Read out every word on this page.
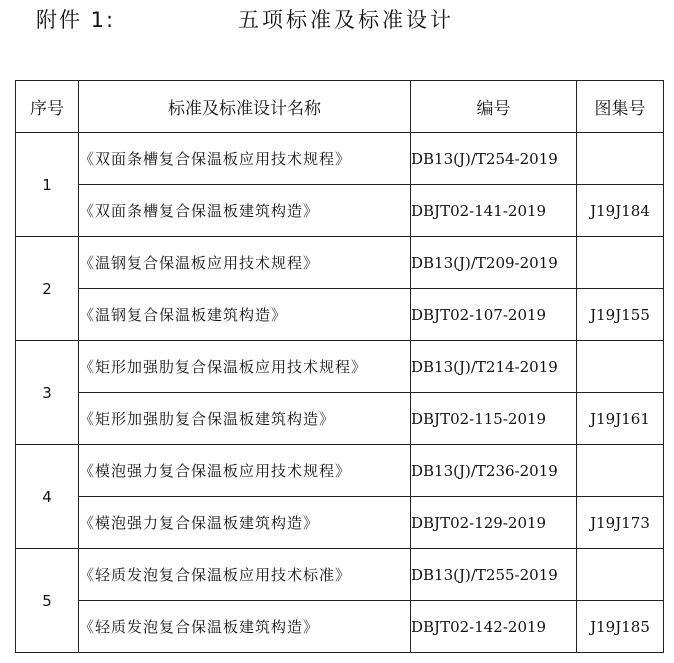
附件 1:	五项标准及标准设计
序号	标准及标准设计名称	编号	图集号
1	《双面条槽复合保温板应用技术规程》	DB13(J)/T254-2019	
	《双面条槽复合保温板建筑构造》	DBJT02-141-2019	J19J184
2	《温钢复合保温板应用技术规程》	DB13(J)/T209-2019	
	《温钢复合保温板建筑构造》	DBJT02-107-2019	J19J155
3	《矩形加强肋复合保温板应用技术规程》	DB13(J)/T214-2019	
	《矩形加强肋复合保温板建筑构造》	DBJT02-115-2019	J19J161
4	《模泡强力复合保温板应用技术规程》	DB13(J)/T236-2019	
	《模泡强力复合保温板建筑构造》	DBJT02-129-2019	J19J173
5	《轻质发泡复合保温板应用技术标准》	DB13(J)/T255-2019	
	《轻质发泡复合保温板建筑构造》	DBJT02-142-2019	J19J185
